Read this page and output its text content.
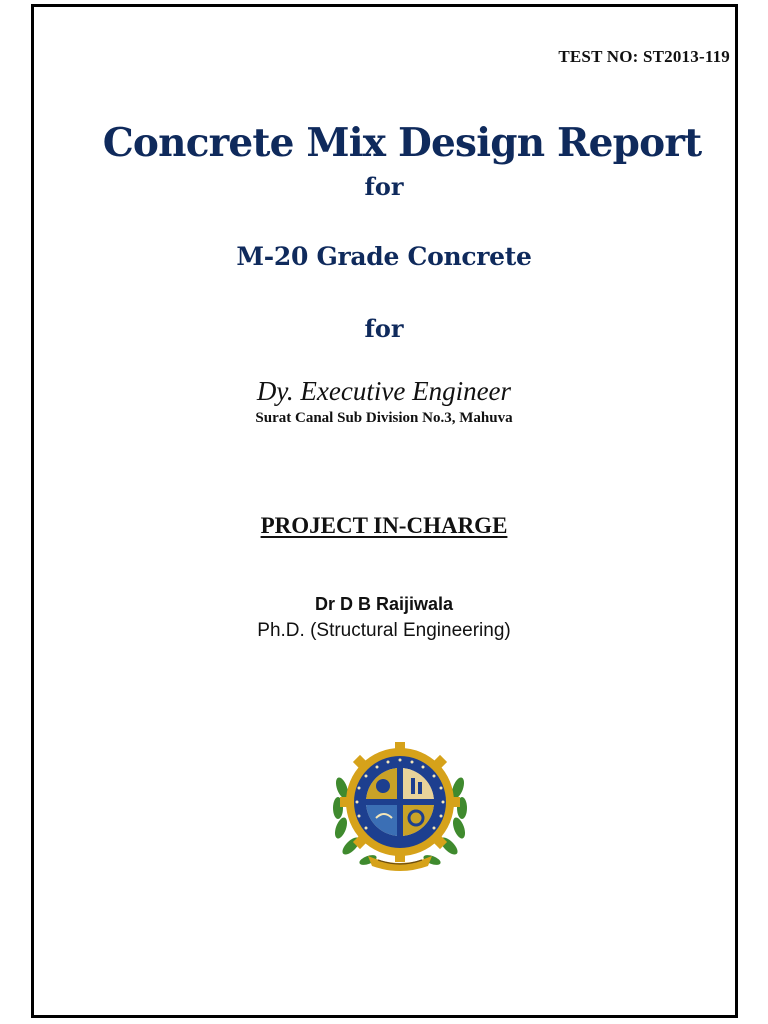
TEST NO: ST2013-119
Concrete Mix Design Report
for
M-20 Grade Concrete
for
Dy. Executive Engineer
Surat Canal Sub Division No.3, Mahuva
PROJECT IN-CHARGE
Dr D B Raijiwala
Ph.D. (Structural Engineering)
